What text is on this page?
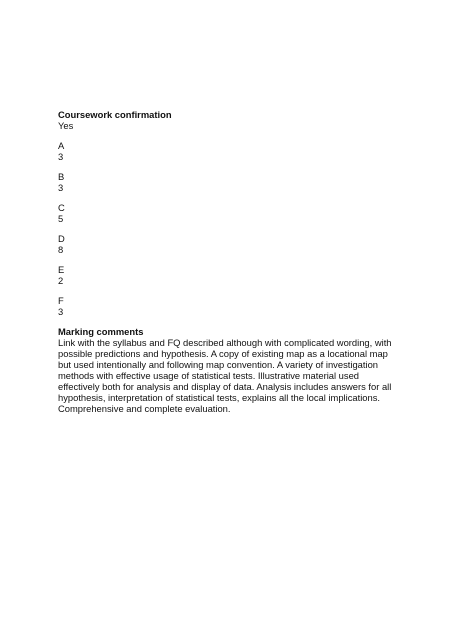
Coursework confirmation
Yes
A
3
B
3
C
5
D
8
E
2
F
3
Marking comments
Link with the syllabus and FQ described although with complicated wording, with possible predictions and hypothesis. A copy of existing map as a locational map but used intentionally and following map convention. A variety of investigation methods with effective usage of statistical tests. Illustrative material used effectively both for analysis and display of data. Analysis includes answers for all hypothesis, interpretation of statistical tests, explains all the local implications. Comprehensive and complete evaluation.
